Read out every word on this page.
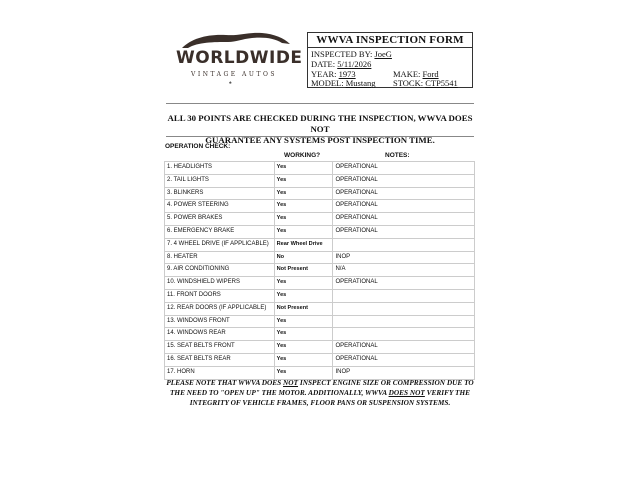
WORLDWIDE
VINTAGE AUTOS
♠
WWVA INSPECTION FORM
INSPECTED BY: JoeG
DATE: 5/11/2026
YEAR: 1973	MAKE: Ford
MODEL: Mustang STOCK: CTP5541
ALL 30 POINTS ARE CHECKED DURING THE INSPECTION, WWVA DOES NOT
GUARANTEE ANY SYSTEMS POST INSPECTION TIME.
OPERATION CHECK:
WORKING?	NOTES:
1. HEADLIGHTS	Yes	OPERATIONAL
2. TAIL LIGHTS	Yes	OPERATIONAL
3. BLINKERS	Yes	OPERATIONAL
4. POWER STEERING	Yes	OPERATIONAL
5. POWER BRAKES	Yes	OPERATIONAL
6. EMERGENCY BRAKE	Yes	OPERATIONAL
7. 4 WHEEL DRIVE (IF APPLICABLE)	Rear Wheel Drive
8. HEATER	No	INOP
9. AIR CONDITIONING	Not Present	N/A
10. WINDSHIELD WIPERS	Yes	OPERATIONAL
11. FRONT DOORS	Yes
12. REAR DOORS (IF APPLICABLE)	Not Present
13. WINDOWS FRONT	Yes
14. WINDOWS REAR	Yes
15. SEAT BELTS FRONT	Yes	OPERATIONAL
16. SEAT BELTS REAR	Yes	OPERATIONAL
17. HORN	Yes	INOP
PLEASE NOTE THAT WWVA DOES NOT INSPECT ENGINE SIZE OR COMPRESSION DUE TO
THE NEED TO "OPEN UP" THE MOTOR. ADDITIONALLY, WWVA DOES NOT VERIFY THE
INTEGRITY OF VEHICLE FRAMES, FLOOR PANS OR SUSPENSION SYSTEMS.
